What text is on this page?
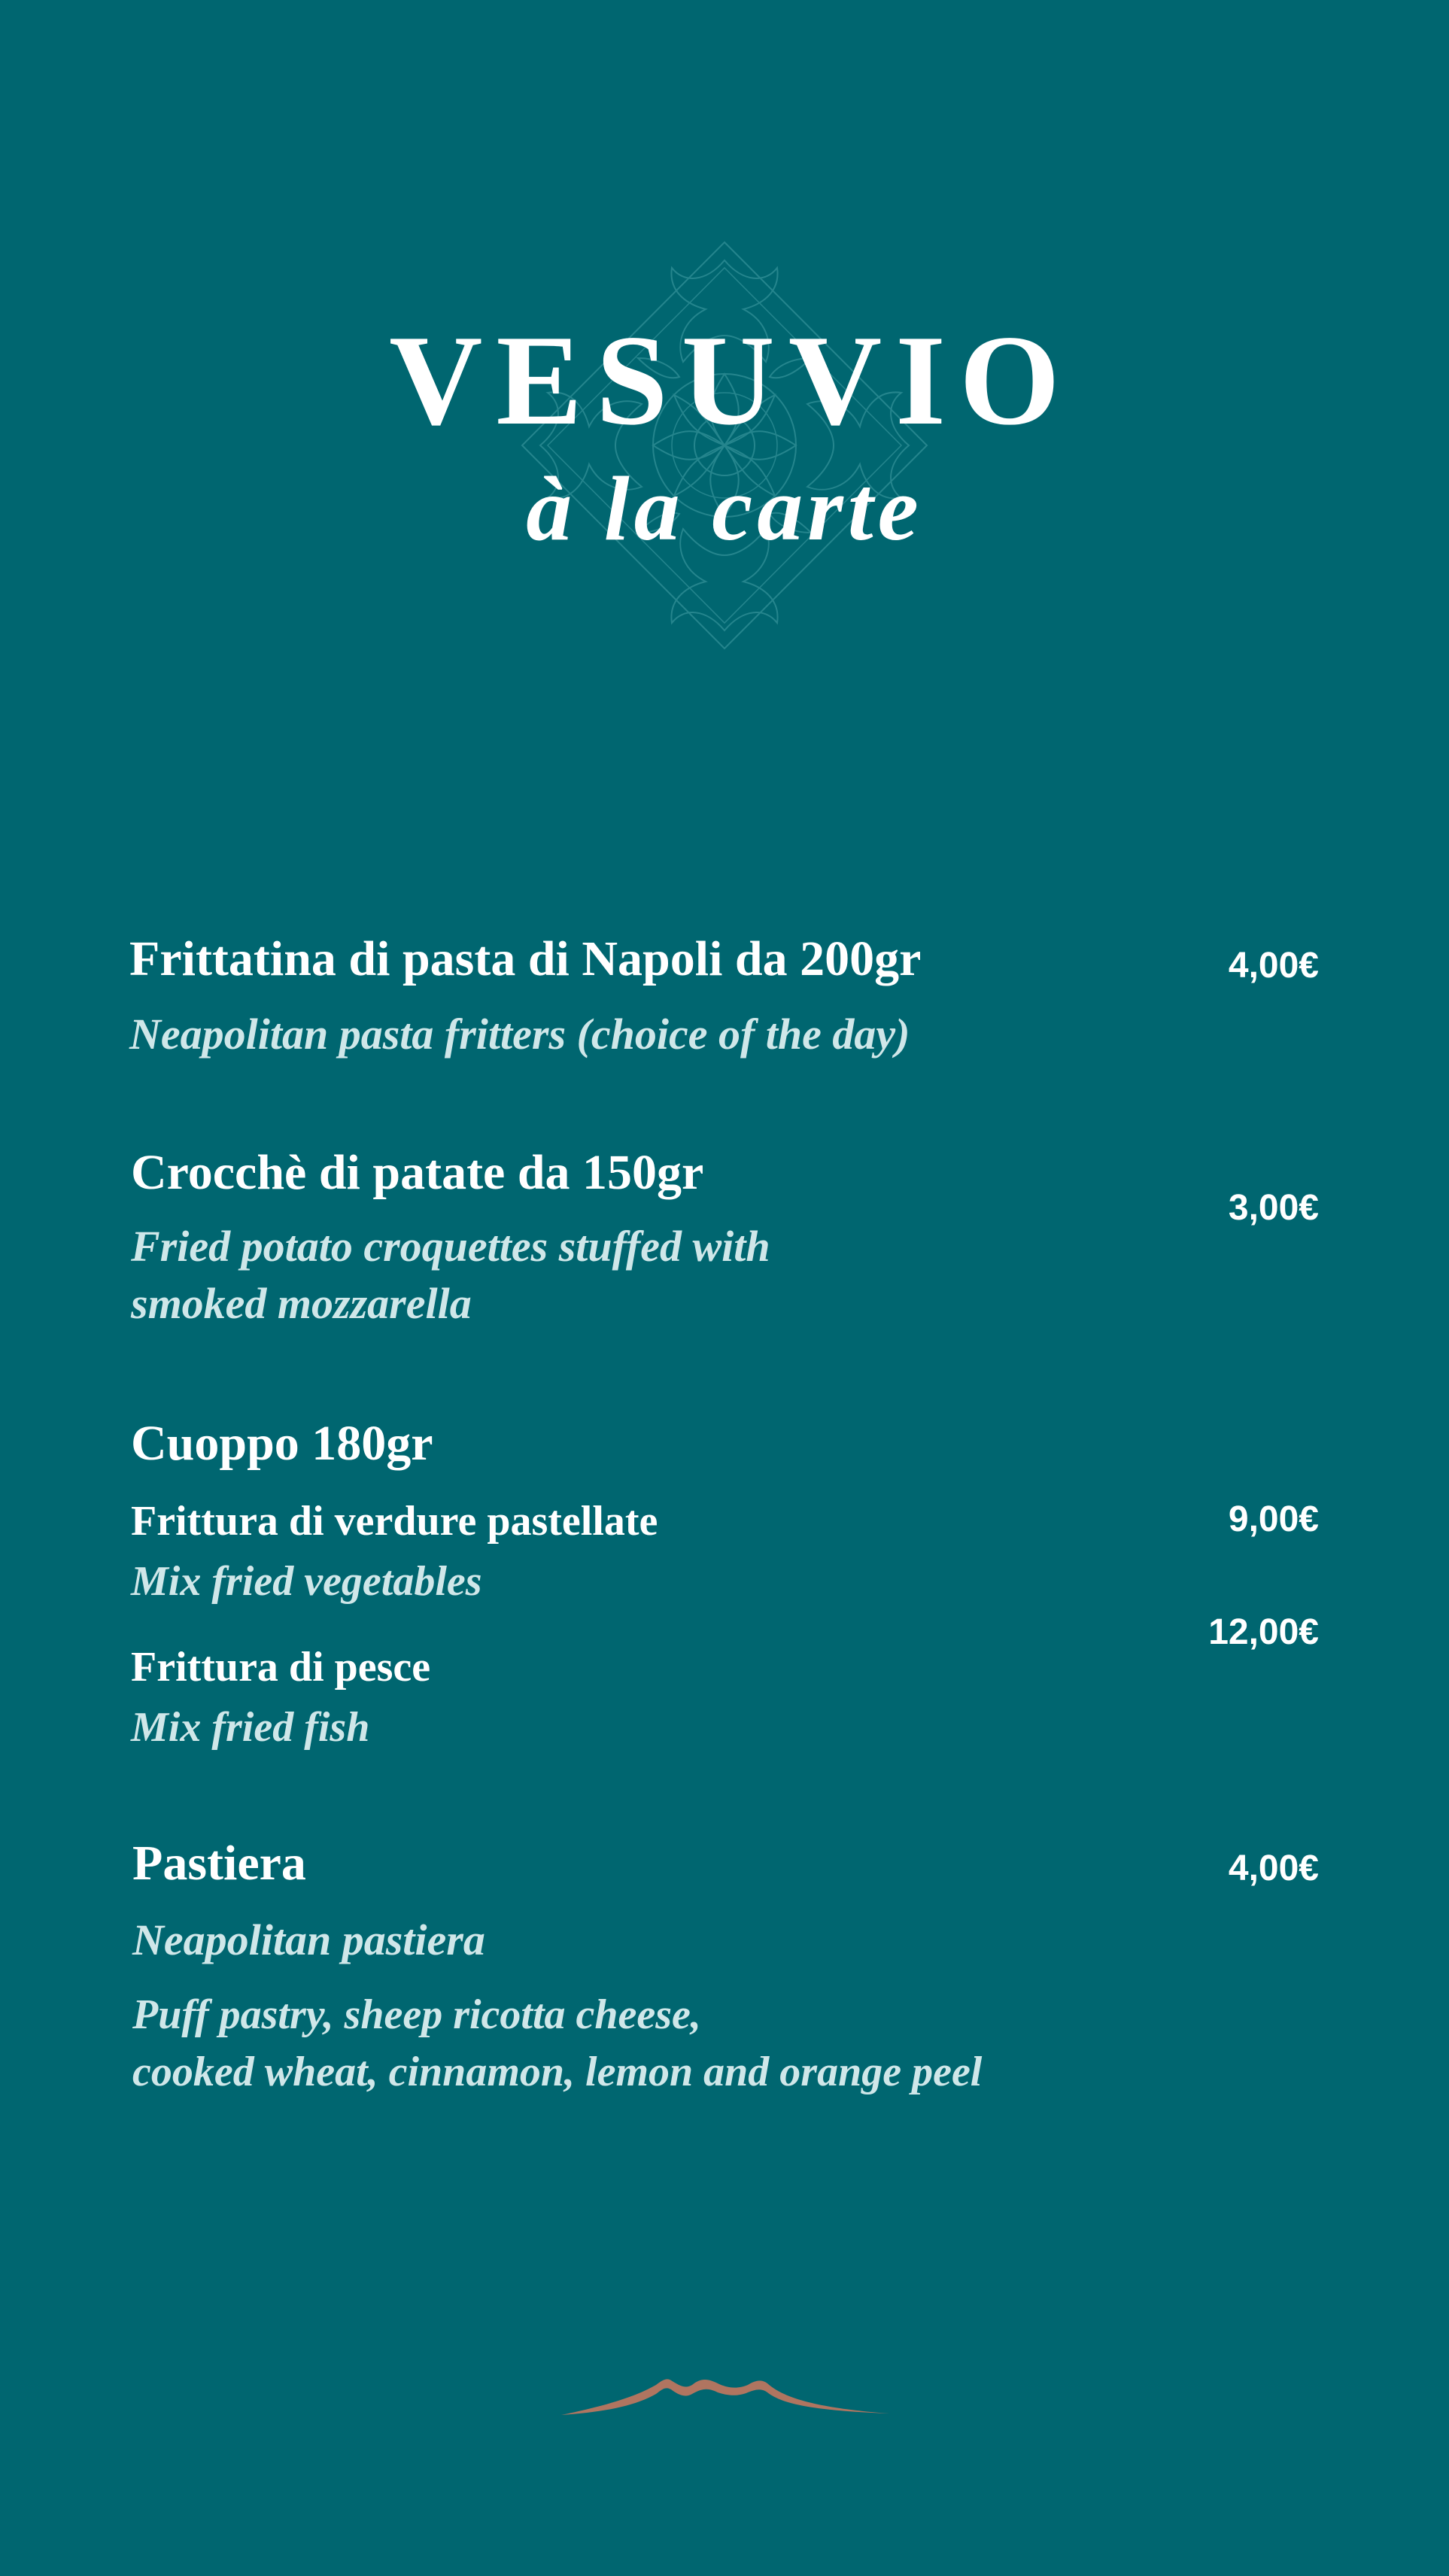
VESUVIO
à la carte
Frittatina di pasta di Napoli da 200gr
Neapolitan pasta fritters (choice of the day)
4,00€
Crocchè di patate da 150gr
Fried potato croquettes stuffed with
smoked mozzarella
3,00€
Cuoppo 180gr
Frittura di verdure pastellate
Mix fried vegetables
9,00€
Frittura di pesce
Mix fried fish
12,00€
Pastiera
Neapolitan pastiera
Puff pastry, sheep ricotta cheese,
cooked wheat, cinnamon, lemon and orange peel
4,00€
